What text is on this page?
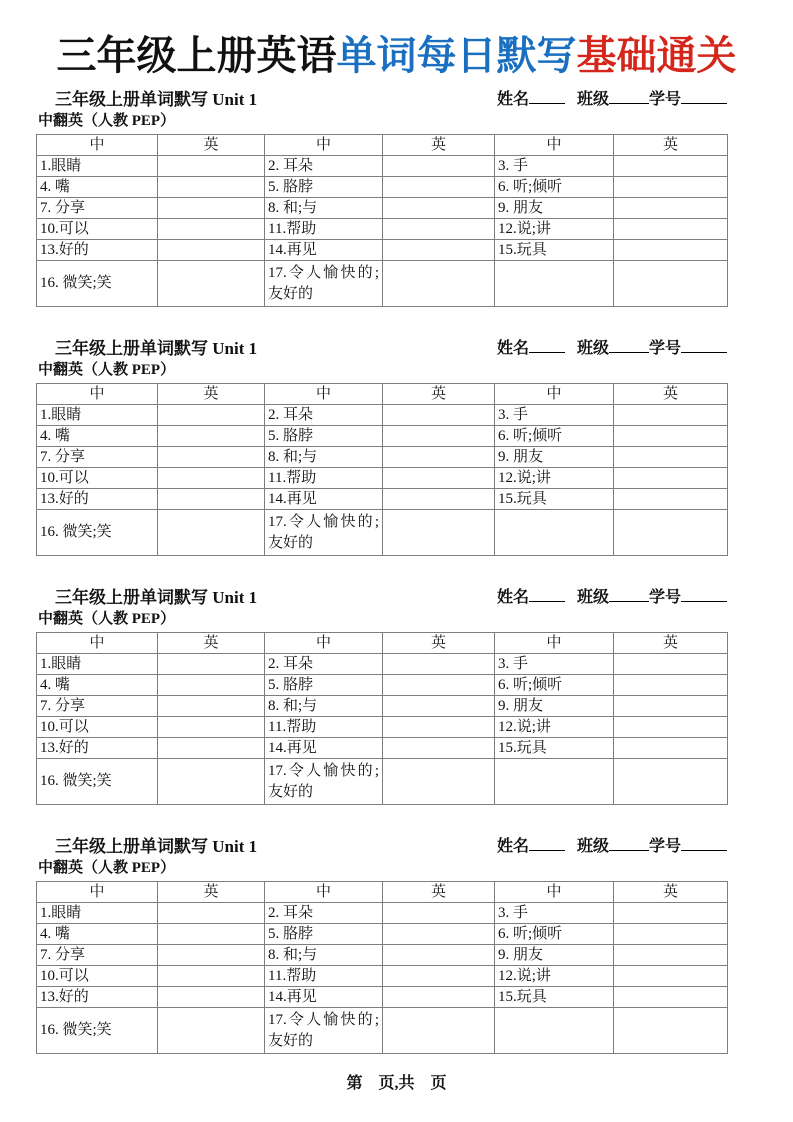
三年级上册英语单词每日默写基础通关
三年级上册单词默写 Unit 1	姓名	班级	学号
中翻英（人教 PEP）
中	英	中	英	中	英
1.眼睛		2. 耳朵		3. 手	
4. 嘴		5. 胳脖		6. 听;倾听	
7. 分享		8. 和;与		9. 朋友	
10.可以		11.帮助		12.说;讲	
13.好的		14.再见		15.玩具	
16. 微笑;笑		17.令人愉快的;友好的			
三年级上册单词默写 Unit 1	姓名	班级	学号
中翻英（人教 PEP）
中	英	中	英	中	英
1.眼睛		2. 耳朵		3. 手	
4. 嘴		5. 胳脖		6. 听;倾听	
7. 分享		8. 和;与		9. 朋友	
10.可以		11.帮助		12.说;讲	
13.好的		14.再见		15.玩具	
16. 微笑;笑		17.令人愉快的;友好的			
三年级上册单词默写 Unit 1	姓名	班级	学号
中翻英（人教 PEP）
中	英	中	英	中	英
1.眼睛		2. 耳朵		3. 手	
4. 嘴		5. 胳脖		6. 听;倾听	
7. 分享		8. 和;与		9. 朋友	
10.可以		11.帮助		12.说;讲	
13.好的		14.再见		15.玩具	
16. 微笑;笑		17.令人愉快的;友好的			
三年级上册单词默写 Unit 1	姓名	班级	学号
中翻英（人教 PEP）
中	英	中	英	中	英
1.眼睛		2. 耳朵		3. 手	
4. 嘴		5. 胳脖		6. 听;倾听	
7. 分享		8. 和;与		9. 朋友	
10.可以		11.帮助		12.说;讲	
13.好的		14.再见		15.玩具	
16. 微笑;笑		17.令人愉快的;友好的			
第　页,共　页
